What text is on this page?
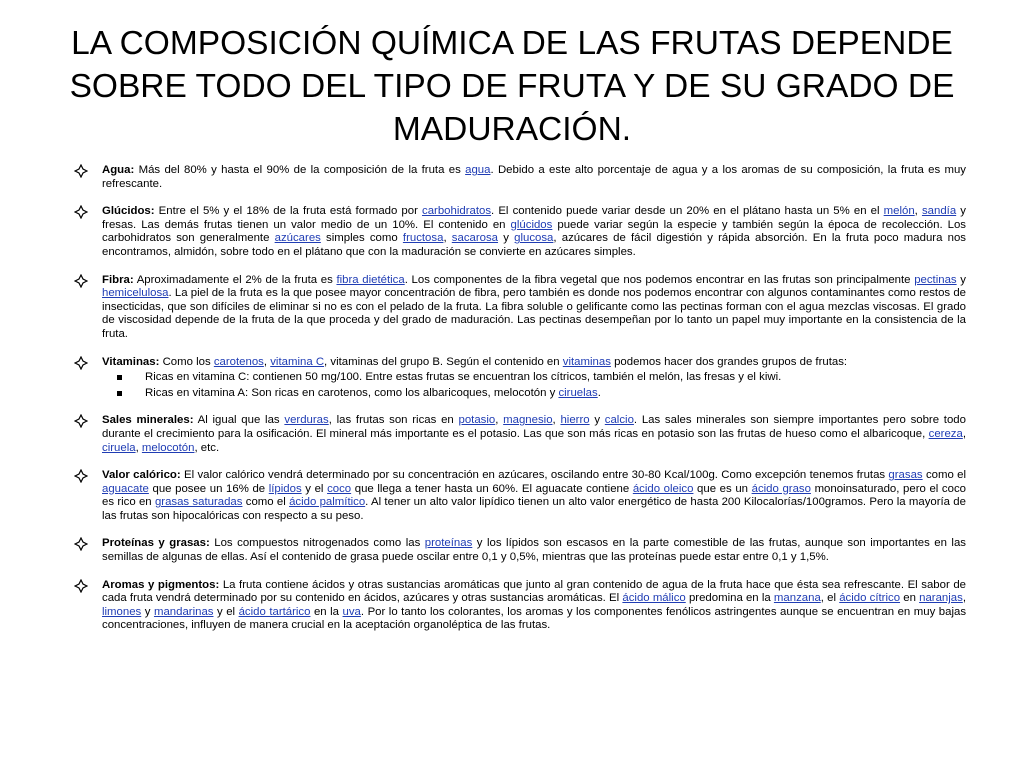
LA COMPOSICIÓN QUÍMICA DE LAS FRUTAS DEPENDE SOBRE TODO DEL TIPO DE FRUTA Y DE SU GRADO DE MADURACIÓN.
Agua: Más del 80% y hasta el 90% de la composición de la fruta es agua. Debido a este alto porcentaje de agua y a los aromas de su composición, la fruta es muy refrescante.
Glúcidos: Entre el 5% y el 18% de la fruta está formado por carbohidratos. El contenido puede variar desde un 20% en el plátano hasta un 5% en el melón, sandía y fresas. Las demás frutas tienen un valor medio de un 10%. El contenido en glúcidos puede variar según la especie y también según la época de recolección. Los carbohidratos son generalmente azúcares simples como fructosa, sacarosa y glucosa, azúcares de fácil digestión y rápida absorción. En la fruta poco madura nos encontramos, almidón, sobre todo en el plátano que con la maduración se convierte en azúcares simples.
Fibra: Aproximadamente el 2% de la fruta es fibra dietética. Los componentes de la fibra vegetal que nos podemos encontrar en las frutas son principalmente pectinas y hemicelulosa. La piel de la fruta es la que posee mayor concentración de fibra, pero también es donde nos podemos encontrar con algunos contaminantes como restos de insecticidas, que son difíciles de eliminar si no es con el pelado de la fruta. La fibra soluble o gelificante como las pectinas forman con el agua mezclas viscosas. El grado de viscosidad depende de la fruta de la que proceda y del grado de maduración. Las pectinas desempeñan por lo tanto un papel muy importante en la consistencia de la fruta.
Vitaminas: Como los carotenos, vitamina C, vitaminas del grupo B. Según el contenido en vitaminas podemos hacer dos grandes grupos de frutas:
Ricas en vitamina C: contienen 50 mg/100. Entre estas frutas se encuentran los cítricos, también el melón, las fresas y el kiwi.
Ricas en vitamina A: Son ricas en carotenos, como los albaricoques, melocotón y ciruelas.
Sales minerales: Al igual que las verduras, las frutas son ricas en potasio, magnesio, hierro y calcio. Las sales minerales son siempre importantes pero sobre todo durante el crecimiento para la osificación. El mineral más importante es el potasio. Las que son más ricas en potasio son las frutas de hueso como el albaricoque, cereza, ciruela, melocotón, etc.
Valor calórico: El valor calórico vendrá determinado por su concentración en azúcares, oscilando entre 30-80 Kcal/100g. Como excepción tenemos frutas grasas como el aguacate que posee un 16% de lípidos y el coco que llega a tener hasta un 60%. El aguacate contiene ácido oleico que es un ácido graso monoinsaturado, pero el coco es rico en grasas saturadas como el ácido palmítico. Al tener un alto valor lipídico tienen un alto valor energético de hasta 200 Kilocalorías/100gramos. Pero la mayoría de las frutas son hipocalóricas con respecto a su peso.
Proteínas y grasas: Los compuestos nitrogenados como las proteínas y los lípidos son escasos en la parte comestible de las frutas, aunque son importantes en las semillas de algunas de ellas. Así el contenido de grasa puede oscilar entre 0,1 y 0,5%, mientras que las proteínas puede estar entre 0,1 y 1,5%.
Aromas y pigmentos: La fruta contiene ácidos y otras sustancias aromáticas que junto al gran contenido de agua de la fruta hace que ésta sea refrescante. El sabor de cada fruta vendrá determinado por su contenido en ácidos, azúcares y otras sustancias aromáticas. El ácido málico predomina en la manzana, el ácido cítrico en naranjas, limones y mandarinas y el ácido tartárico en la uva. Por lo tanto los colorantes, los aromas y los componentes fenólicos astringentes aunque se encuentran en muy bajas concentraciones, influyen de manera crucial en la aceptación organoléptica de las frutas.
